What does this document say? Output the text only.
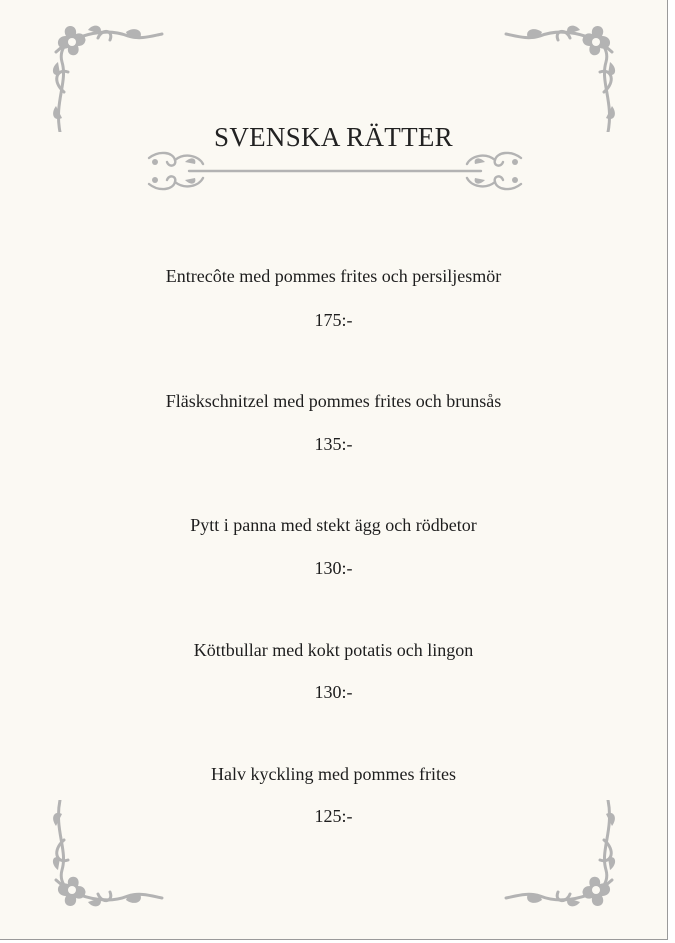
SVENSKA RÄTTER
Entrecôte med pommes frites och persiljesmör
175:-
Fläskschnitzel med pommes frites och brunsås
135:-
Pytt i panna med stekt ägg och rödbetor
130:-
Köttbullar med kokt potatis och lingon
130:-
Halv kyckling med pommes frites
125:-
